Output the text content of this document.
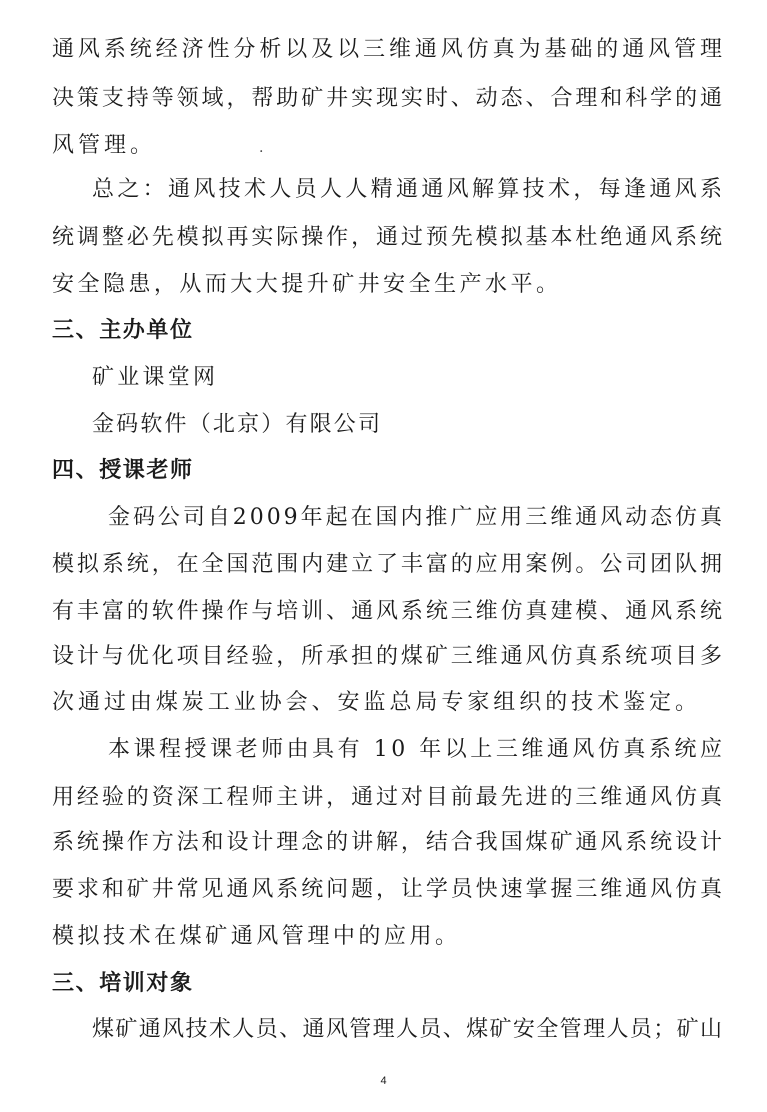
通风系统经济性分析以及以三维通风仿真为基础的通风管理
决策支持等领域，帮助矿井实现实时、动态、合理和科学的通
风管理。	.
总之：通风技术人员人人精通通风解算技术，每逢通风系
统调整必先模拟再实际操作，通过预先模拟基本杜绝通风系统
安全隐患，从而大大提升矿井安全生产水平。
三、主办单位
矿业课堂网
金码软件（北京）有限公司
四、授课老师
金码公司自2009年起在国内推广应用三维通风动态仿真
模拟系统，在全国范围内建立了丰富的应用案例。公司团队拥
有丰富的软件操作与培训、通风系统三维仿真建模、通风系统
设计与优化项目经验，所承担的煤矿三维通风仿真系统项目多
次通过由煤炭工业协会、安监总局专家组织的技术鉴定。
本课程授课老师由具有 10 年以上三维通风仿真系统应
用经验的资深工程师主讲，通过对目前最先进的三维通风仿真
系统操作方法和设计理念的讲解，结合我国煤矿通风系统设计
要求和矿井常见通风系统问题，让学员快速掌握三维通风仿真
模拟技术在煤矿通风管理中的应用。
三、培训对象
煤矿通风技术人员、通风管理人员、煤矿安全管理人员；矿山
4
